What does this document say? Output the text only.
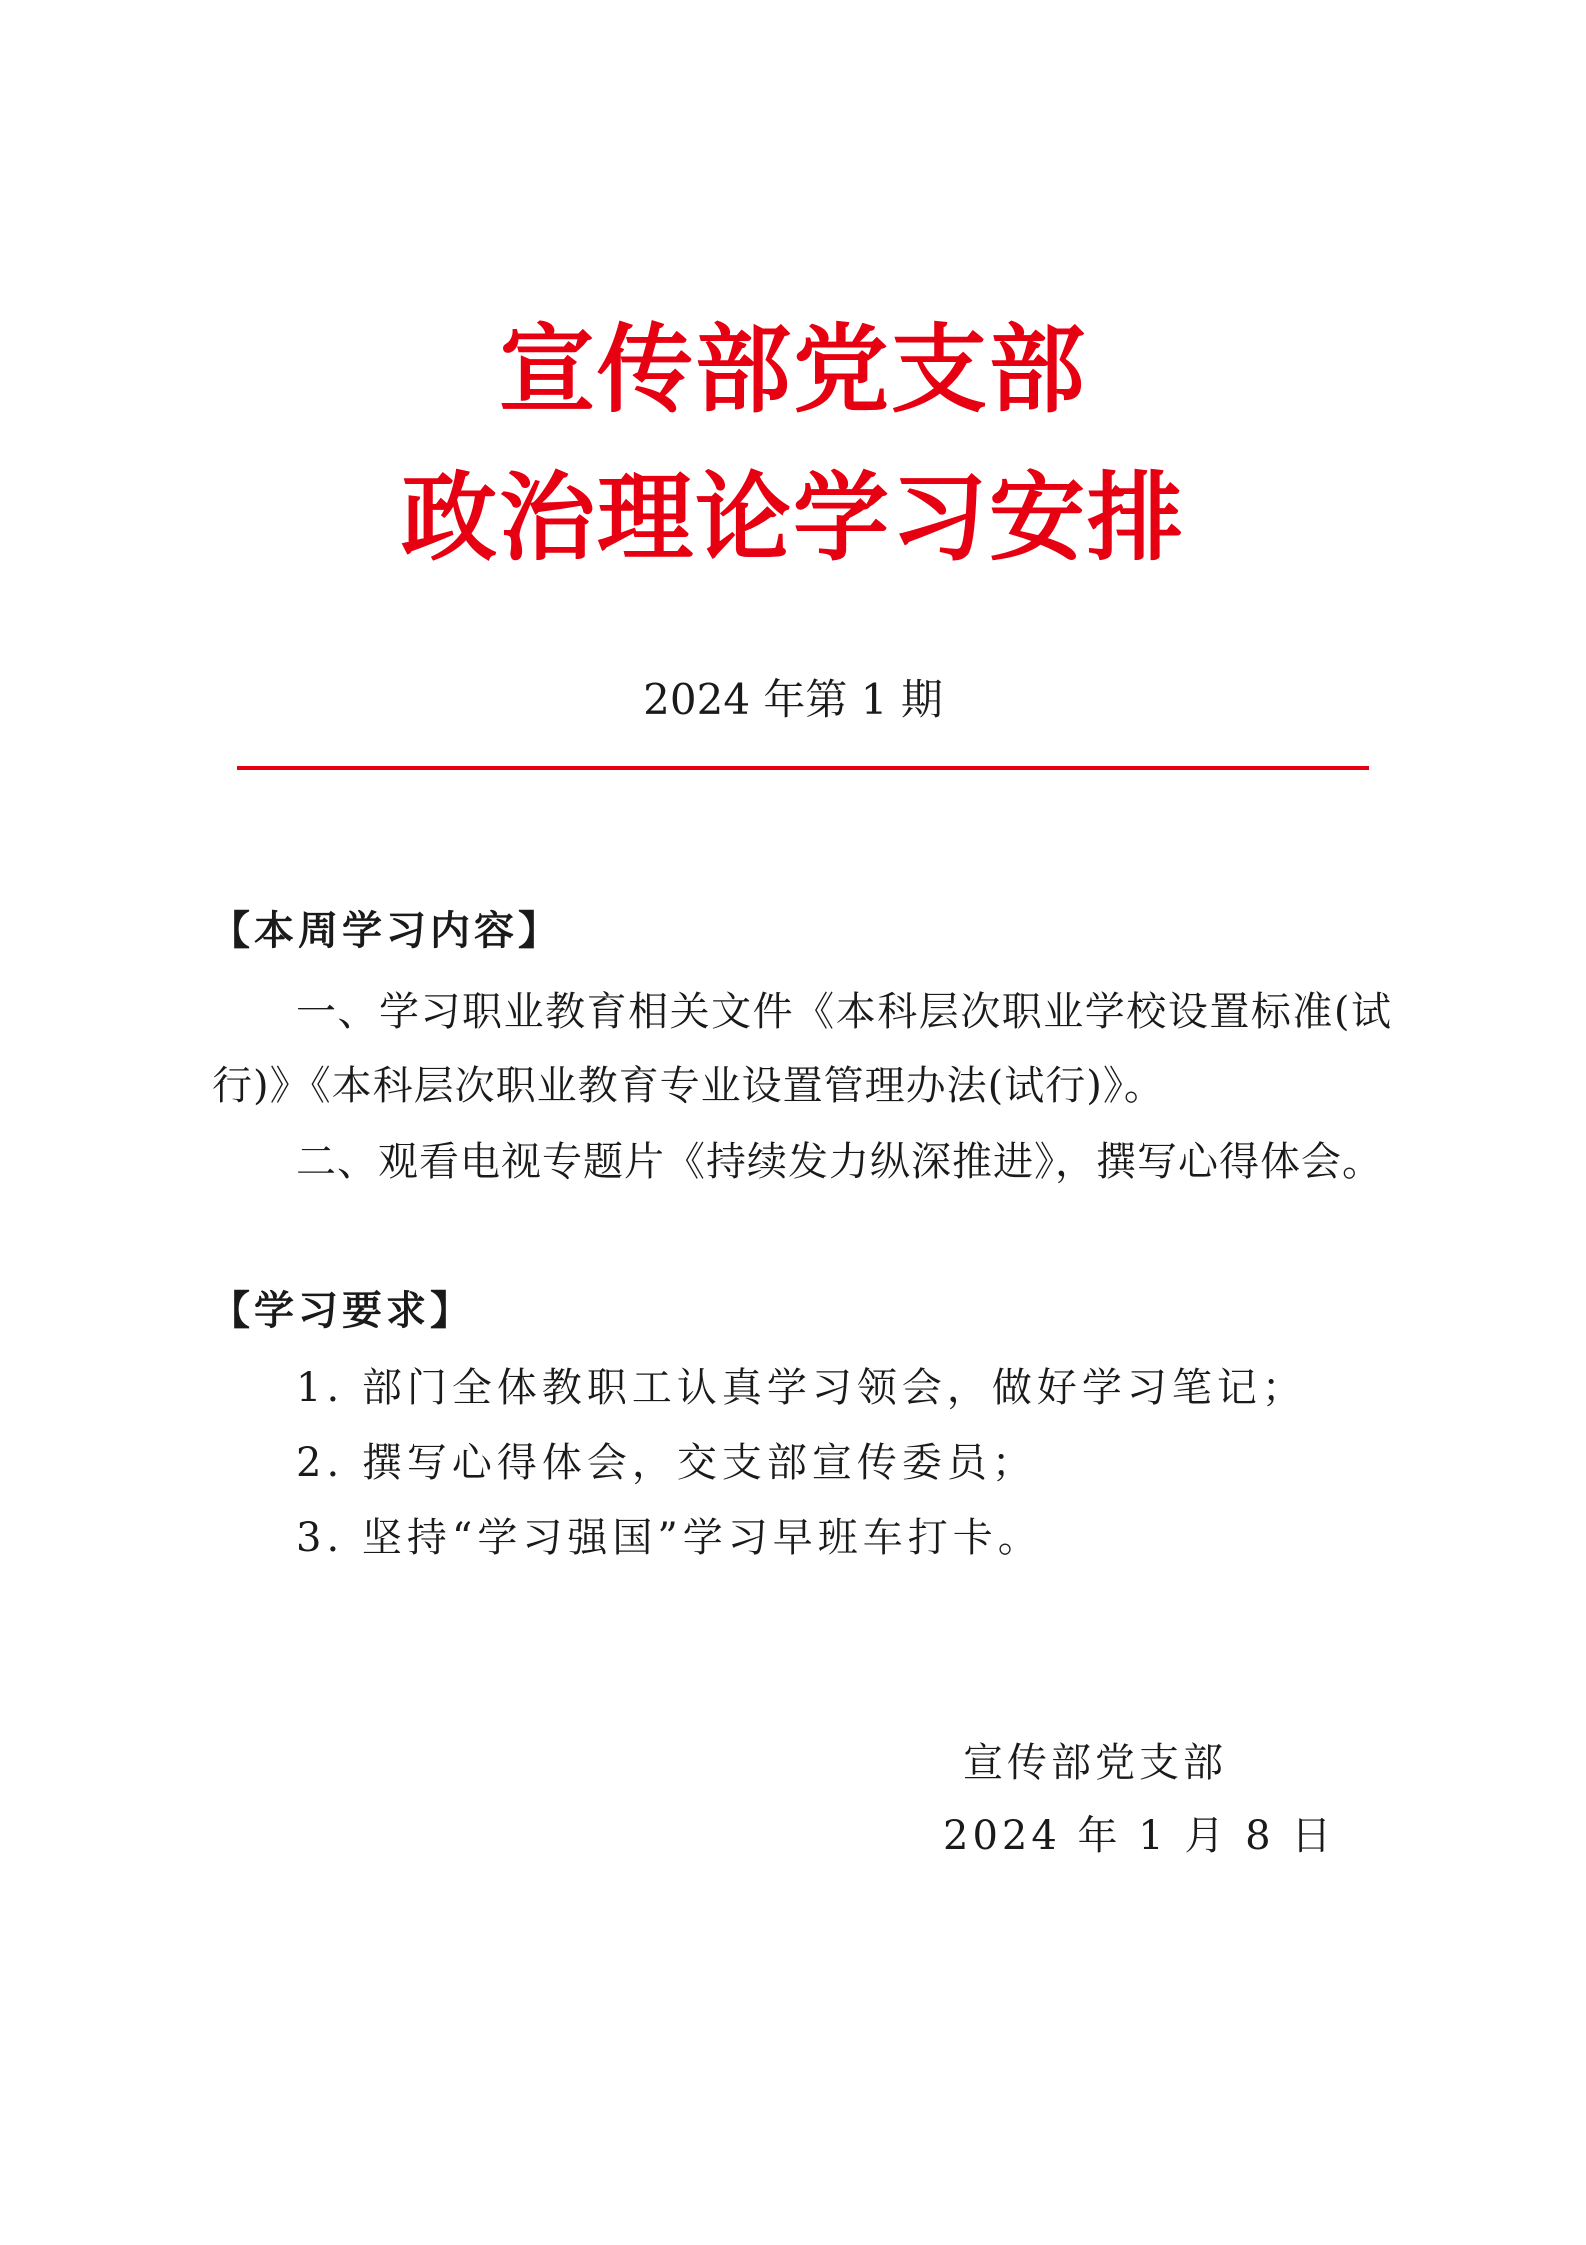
宣传部党支部
政治理论学习安排
2024 年第 1 期
【本周学习内容】
一、学习职业教育相关文件《本科层次职业学校设置标准(试行)》《本科层次职业教育专业设置管理办法(试行)》。
二、观看电视专题片《持续发力纵深推进》，撰写心得体会。
【学习要求】
1. 部门全体教职工认真学习领会，做好学习笔记；
2. 撰写心得体会，交支部宣传委员；
3. 坚持“学习强国”学习早班车打卡。
宣传部党支部
2024 年 1 月 8 日
